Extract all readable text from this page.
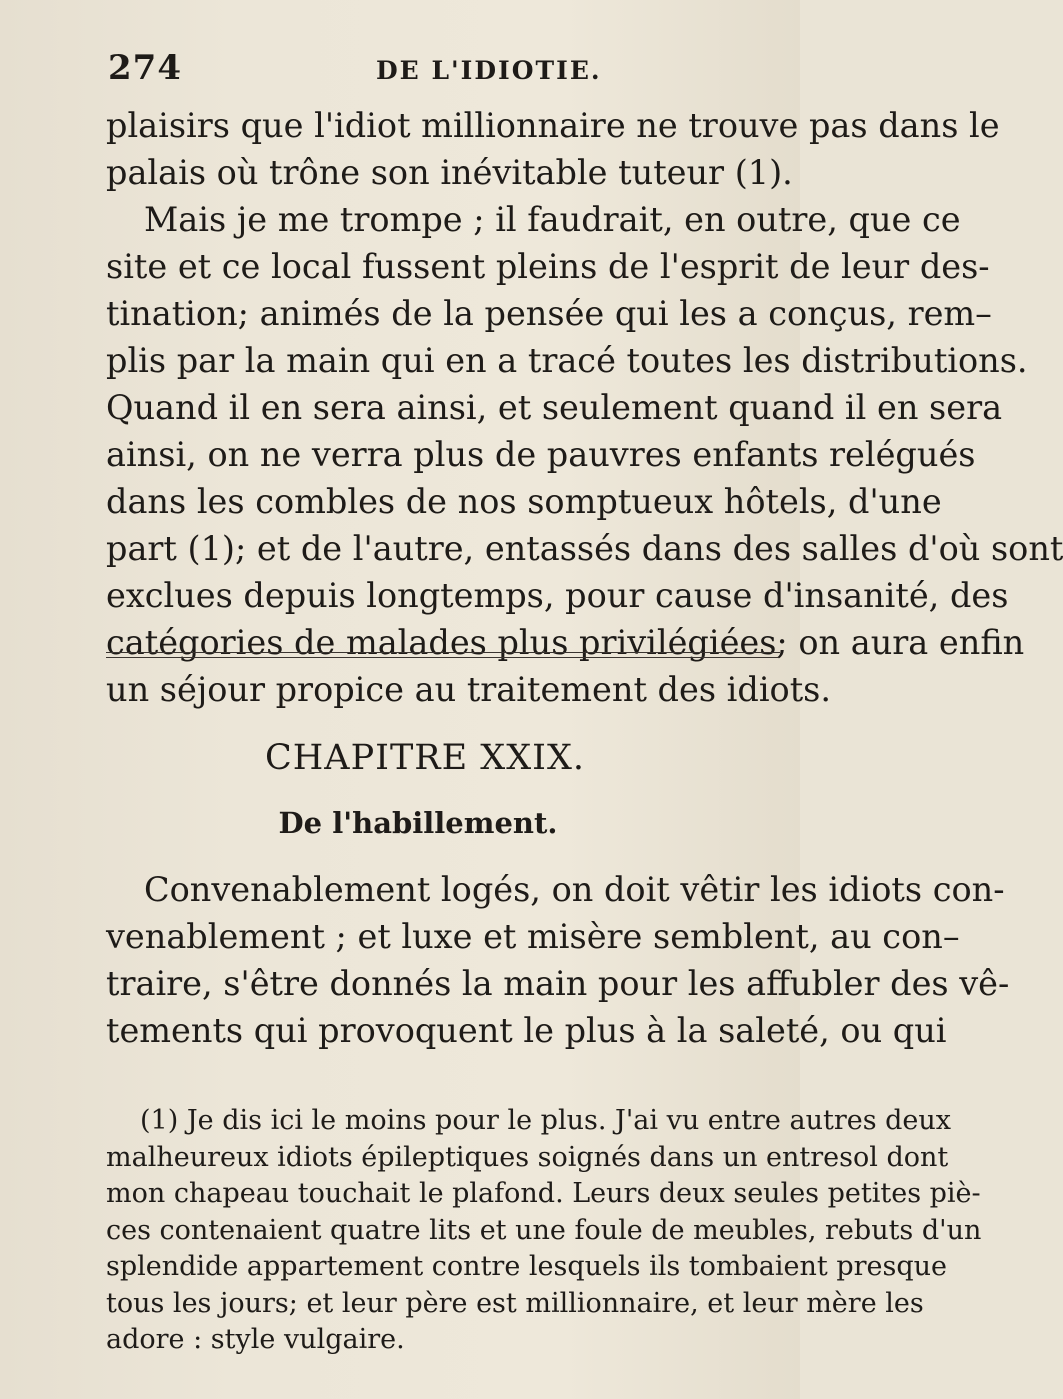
274	DE L'IDIOTIE.

plaisirs que l'idiot millionnaire ne trouve pas dans le
palais où trône son inévitable tuteur (1).

Mais je me trompe ; il faudrait, en outre, que ce
site et ce local fussent pleins de l'esprit de leur des-
tination; animés de la pensée qui les a conçus, rem–
plis par la main qui en a tracé toutes les distributions.
Quand il en sera ainsi, et seulement quand il en sera
ainsi, on ne verra plus de pauvres enfants relégués
dans les combles de nos somptueux hôtels, d'une
part (1); et de l'autre, entassés dans des salles d'où sont
exclues depuis longtemps, pour cause d'insanité, des
catégories de malades plus privilégiées; on aura enfin
un séjour propice au traitement des idiots.

CHAPITRE XXIX.
De l'habillement.

Convenablement logés, on doit vêtir les idiots con-
venablement ; et luxe et misère semblent, au con–
traire, s'être donnés la main pour les affubler des vê-
tements qui provoquent le plus à la saleté, ou qui

(1) Je dis ici le moins pour le plus. J'ai vu entre autres deux
malheureux idiots épileptiques soignés dans un entresol dont
mon chapeau touchait le plafond. Leurs deux seules petites piè-
ces contenaient quatre lits et une foule de meubles, rebuts d'un
splendide appartement contre lesquels ils tombaient presque
tous les jours; et leur père est millionnaire, et leur mère les
adore : style vulgaire.
